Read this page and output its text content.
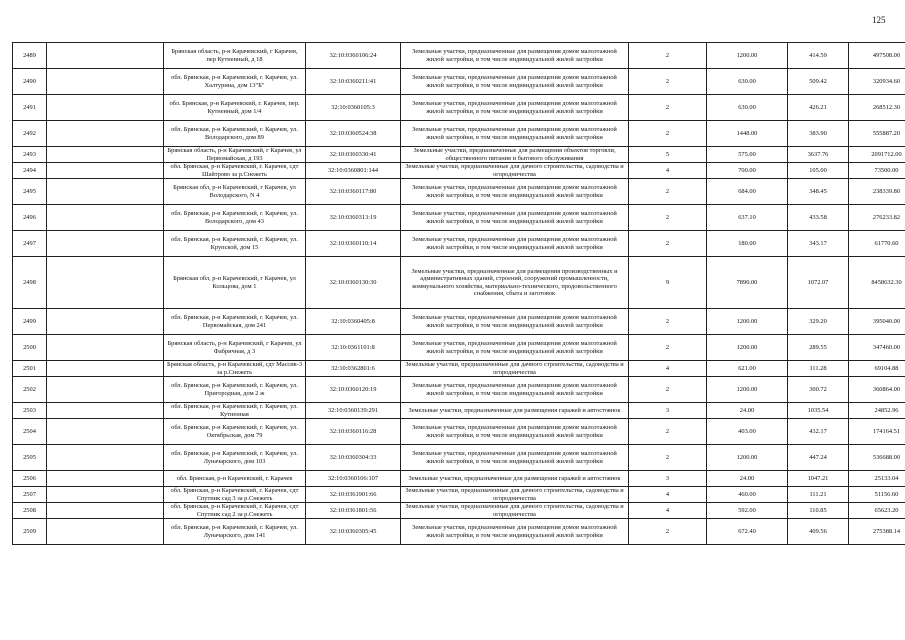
125
2489		Брянская область, р-н Карачевский, г Карачев, пер Кутненный, д 18	32:10:0360106:24	Земельные участки, предназначенные для размещения домов малоэтажной жилой застройки, в том числе индивидуальной жилой застройки	2	1200.00	414.59	497508.00
2490		обл. Брянская, р-н Карачевский, г. Карачев, ул. Халтурина, дом 13"Б"	32:10:0360211:41	Земельные участки, предназначенные для размещения домов малоэтажной жилой застройки, в том числе индивидуальной жилой застройки	2	630.00	509.42	320934.60
2491		обл. Брянская, р-н Карачевский, г. Карачев, пер. Кутненный, дом 1/4	32:10:0360105:3	Земельные участки, предназначенные для размещения домов малоэтажной жилой застройки, в том числе индивидуальной жилой застройки	2	630.00	426.21	268512.30
2492		обл. Брянская, р-н Карачевский, г. Карачев, ул. Володарского, дом 89	32:10:0360524:38	Земельные участки, предназначенные для размещения домов малоэтажной жилой застройки, в том числе индивидуальной жилой застройки	2	1448.00	383.90	555887.20
2493		Брянская область, р-н Карачевский, г Карачев, ул Первомайская, д 193	32:10:0360330:41	Земельные участки, предназначенные для размещения объектов торговли, общественного питания и бытового обслуживания	5	575.00	3637.76	2091712.00
2494		обл. Брянская, р-н Карачевский, г. Карачев, сдт Шайтрово за р.Снежеть	32:10:0360801:144	Земельные участки, предназначенные для дачного строительства, садоводства и огородничества	4	700.00	105.00	73500.00
2495		Брянская обл, р-н Карачевский, г Карачев, ул Володарского, N 4	32:10:0360117:80	Земельные участки, предназначенные для размещения домов малоэтажной жилой застройки, в том числе индивидуальной жилой застройки	2	684.00	348.45	238339.80
2496		обл. Брянская, р-н Карачевский, г. Карачев, ул. Володарского, дом 43	32:10:0360313:19	Земельные участки, предназначенные для размещения домов малоэтажной жилой застройки, в том числе индивидуальной жилой застройки	2	637.10	433.58	276233.82
2497		обл. Брянская, р-н Карачевский, г. Карачев, ул. Крупской, дом 15	32:10:0360110:14	Земельные участки, предназначенные для размещения домов малоэтажной жилой застройки, в том числе индивидуальной жилой застройки	2	180.00	343.17	61770.60
2498		Брянская обл, р-н Карачевский, г Карачев, ул Кольцова, дом 1	32:10:0360130:30	Земельные участки, предназначенные для размещения производственных и административных зданий, строений, сооружений промышленности, коммунального хозяйства, материально-технического, продовольственного снабжения, сбыта и заготовок	9	7890.00	1072.07	8458632.30
2499		обл. Брянская, р-н Карачевский, г. Карачев, ул. Первомайская, дом 241	32:10:0360405:8	Земельные участки, предназначенные для размещения домов малоэтажной жилой застройки, в том числе индивидуальной жилой застройки	2	1200.00	329.20	395040.00
2500		Брянская область, р-н Карачевский, г Карачев, ул Фабричная, д 3	32:10:0361101:8	Земельные участки, предназначенные для размещения домов малоэтажной жилой застройки, в том числе индивидуальной жилой застройки	2	1200.00	289.55	347460.00
2501		Брянская область, р-н Карачевский, сдт Массив-3 за р.Снежеть	32:10:0362801:6	Земельные участки, предназначенные для дачного строительства, садоводства и огородничества	4	621.00	111.28	69104.88
2502		обл. Брянская, р-н Карачевский, г. Карачев, ул. Пригородная, дом 2 ж	32:10:0360120:19	Земельные участки, предназначенные для размещения домов малоэтажной жилой застройки, в том числе индивидуальной жилой застройки	2	1200.00	300.72	360864.00
2503		обл. Брянская, р-н Карачевский, г. Карачев, ул. Кутненная	32:10:0360139:291	Земельные участки, предназначенные для размещения гаражей и автостоянок	3	24.00	1035.54	24852.96
2504		обл. Брянская, р-н Карачевский, г. Карачев, ул. Октябрьская, дом 79	32:10:0360116:28	Земельные участки, предназначенные для размещения домов малоэтажной жилой застройки, в том числе индивидуальной жилой застройки	2	403.00	432.17	174164.51
2505		обл. Брянская, р-н Карачевский, г. Карачев, ул. Луначарского, дом 103	32:10:0360304:33	Земельные участки, предназначенные для размещения домов малоэтажной жилой застройки, в том числе индивидуальной жилой застройки	2	1200.00	447.24	536688.00
2506		обл. Брянская, р-н Карачевский, г. Карачев	32:10:0360106:107	Земельные участки, предназначенные для размещения гаражей и автостоянок	3	24.00	1047.21	25133.04
2507		обл. Брянская, р-н Карачевский, г. Карачев, сдт Спутник сад 3 за р.Снежеть	32:10:0361901:66	Земельные участки, предназначенные для дачного строительства, садоводства и огородничества	4	460.00	111.21	51156.60
2508		обл. Брянская, р-н Карачевский, г. Карачев, сдт Спутник сад 2 за р.Снежеть	32:10:0361801:56	Земельные участки, предназначенные для дачного строительства, садоводства и огородничества	4	592.00	110.85	65623.20
2509		обл. Брянская, р-н Карачевский, г. Карачев, ул. Луначарского, дом 141	32:10:0360305:45	Земельные участки, предназначенные для размещения домов малоэтажной жилой застройки, в том числе индивидуальной жилой застройки	2	672.40	409.56	275388.14
